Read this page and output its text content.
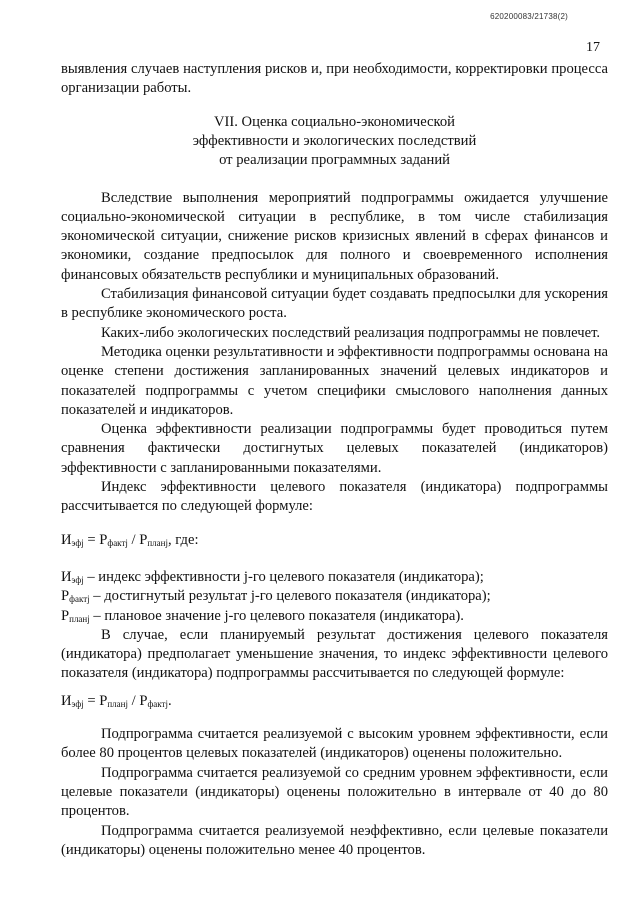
620200083/21738(2)
17

выявления случаев наступления рисков и, при необходимости, корректировки процесса организации работы.

VII. Оценка социально-экономической
эффективности и экологических последствий
от реализации программных заданий

Вследствие выполнения мероприятий подпрограммы ожидается улучшение социально-экономической ситуации в республике, в том числе стабилизация экономической ситуации, снижение рисков кризисных явлений в сферах финансов и экономики, создание предпосылок для полного и своевременного исполнения финансовых обязательств республики и муниципальных образований.

Стабилизация финансовой ситуации будет создавать предпосылки для ускорения в республике экономического роста.

Каких-либо экологических последствий реализация подпрограммы не повлечет.

Методика оценки результативности и эффективности подпрограммы основана на оценке степени достижения запланированных значений целевых индикаторов и показателей подпрограммы с учетом специфики смыслового наполнения данных показателей и индикаторов.

Оценка эффективности реализации подпрограммы будет проводиться путем сравнения фактически достигнутых целевых показателей (индикаторов) эффективности с запланированными показателями.

Индекс эффективности целевого показателя (индикатора) подпрограммы рассчитывается по следующей формуле:

$И_{эфj} = P_{фактj} / P_{планj}$, где:

$И_{эфj}$ – индекс эффективности j-го целевого показателя (индикатора);

$P_{фактj}$ – достигнутый результат j-го целевого показателя (индикатора);

$P_{планj}$ – плановое значение j-го целевого показателя (индикатора).

В случае, если планируемый результат достижения целевого показателя (индикатора) предполагает уменьшение значения, то индекс эффективности целевого показателя (индикатора) подпрограммы рассчитывается по следующей формуле:

$И_{эфj} = P_{планj} / P_{фактj}$.

Подпрограмма считается реализуемой с высоким уровнем эффективности, если более 80 процентов целевых показателей (индикаторов) оценены положительно.

Подпрограмма считается реализуемой со средним уровнем эффективности, если целевые показатели (индикаторы) оценены положительно в интервале от 40 до 80 процентов.

Подпрограмма считается реализуемой неэффективно, если целевые показатели (индикаторы) оценены положительно менее 40 процентов.
